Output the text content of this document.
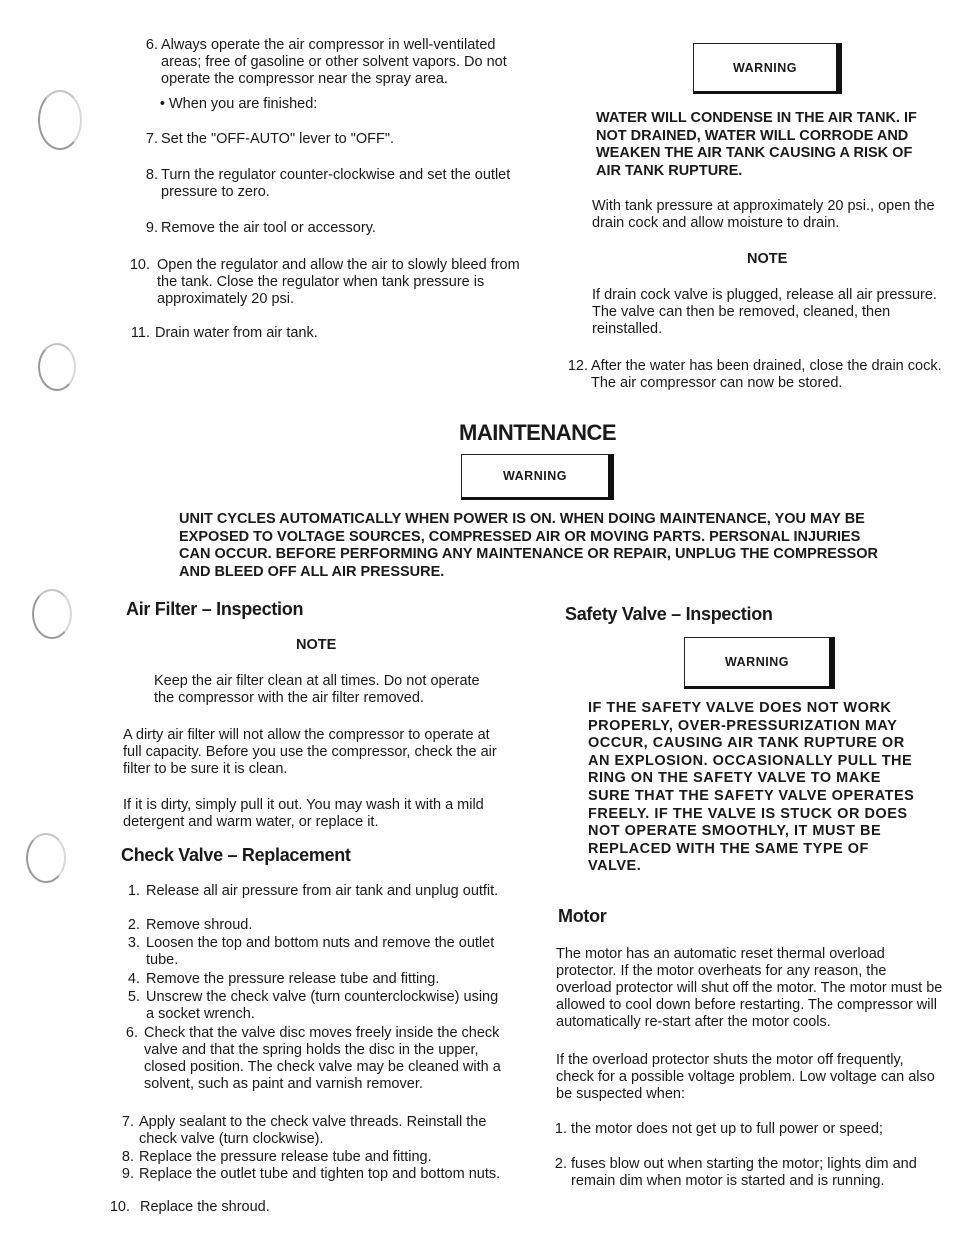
6. Always operate the air compressor in well-ventilated areas; free of gasoline or other solvent vapors. Do not operate the compressor near the spray area.
• When you are finished:
7. Set the "OFF-AUTO" lever to "OFF".
8. Turn the regulator counter-clockwise and set the outlet pressure to zero.
9. Remove the air tool or accessory.
10. Open the regulator and allow the air to slowly bleed from the tank. Close the regulator when tank pressure is approximately 20 psi.
11. Drain water from air tank.
WARNING
WATER WILL CONDENSE IN THE AIR TANK. IF NOT DRAINED, WATER WILL CORRODE AND WEAKEN THE AIR TANK CAUSING A RISK OF AIR TANK RUPTURE.
With tank pressure at approximately 20 psi., open the drain cock and allow moisture to drain.
NOTE
If drain cock valve is plugged, release all air pressure. The valve can then be removed, cleaned, then reinstalled.
12. After the water has been drained, close the drain cock. The air compressor can now be stored.
MAINTENANCE
WARNING
UNIT CYCLES AUTOMATICALLY WHEN POWER IS ON. WHEN DOING MAINTENANCE, YOU MAY BE EXPOSED TO VOLTAGE SOURCES, COMPRESSED AIR OR MOVING PARTS. PERSONAL INJURIES CAN OCCUR. BEFORE PERFORMING ANY MAINTENANCE OR REPAIR, UNPLUG THE COMPRESSOR AND BLEED OFF ALL AIR PRESSURE.
Air Filter – Inspection
NOTE
Keep the air filter clean at all times. Do not operate the compressor with the air filter removed.
A dirty air filter will not allow the compressor to operate at full capacity. Before you use the compressor, check the air filter to be sure it is clean.
If it is dirty, simply pull it out. You may wash it with a mild detergent and warm water, or replace it.
Check Valve – Replacement
1. Release all air pressure from air tank and unplug outfit.
2. Remove shroud.
3. Loosen the top and bottom nuts and remove the outlet tube.
4. Remove the pressure release tube and fitting.
5. Unscrew the check valve (turn counterclockwise) using a socket wrench.
6. Check that the valve disc moves freely inside the check valve and that the spring holds the disc in the upper, closed position. The check valve may be cleaned with a solvent, such as paint and varnish remover.
7. Apply sealant to the check valve threads. Reinstall the check valve (turn clockwise).
8. Replace the pressure release tube and fitting.
9. Replace the outlet tube and tighten top and bottom nuts.
10. Replace the shroud.
Safety Valve – Inspection
WARNING
IF THE SAFETY VALVE DOES NOT WORK PROPERLY, OVER-PRESSURIZATION MAY OCCUR, CAUSING AIR TANK RUPTURE OR AN EXPLOSION. OCCASIONALLY PULL THE RING ON THE SAFETY VALVE TO MAKE SURE THAT THE SAFETY VALVE OPERATES FREELY. IF THE VALVE IS STUCK OR DOES NOT OPERATE SMOOTHLY, IT MUST BE REPLACED WITH THE SAME TYPE OF VALVE.
Motor
The motor has an automatic reset thermal overload protector. If the motor overheats for any reason, the overload protector will shut off the motor. The motor must be allowed to cool down before restarting. The compressor will automatically re-start after the motor cools.
If the overload protector shuts the motor off frequently, check for a possible voltage problem. Low voltage can also be suspected when:
1. the motor does not get up to full power or speed;
2. fuses blow out when starting the motor; lights dim and remain dim when motor is started and is running.
